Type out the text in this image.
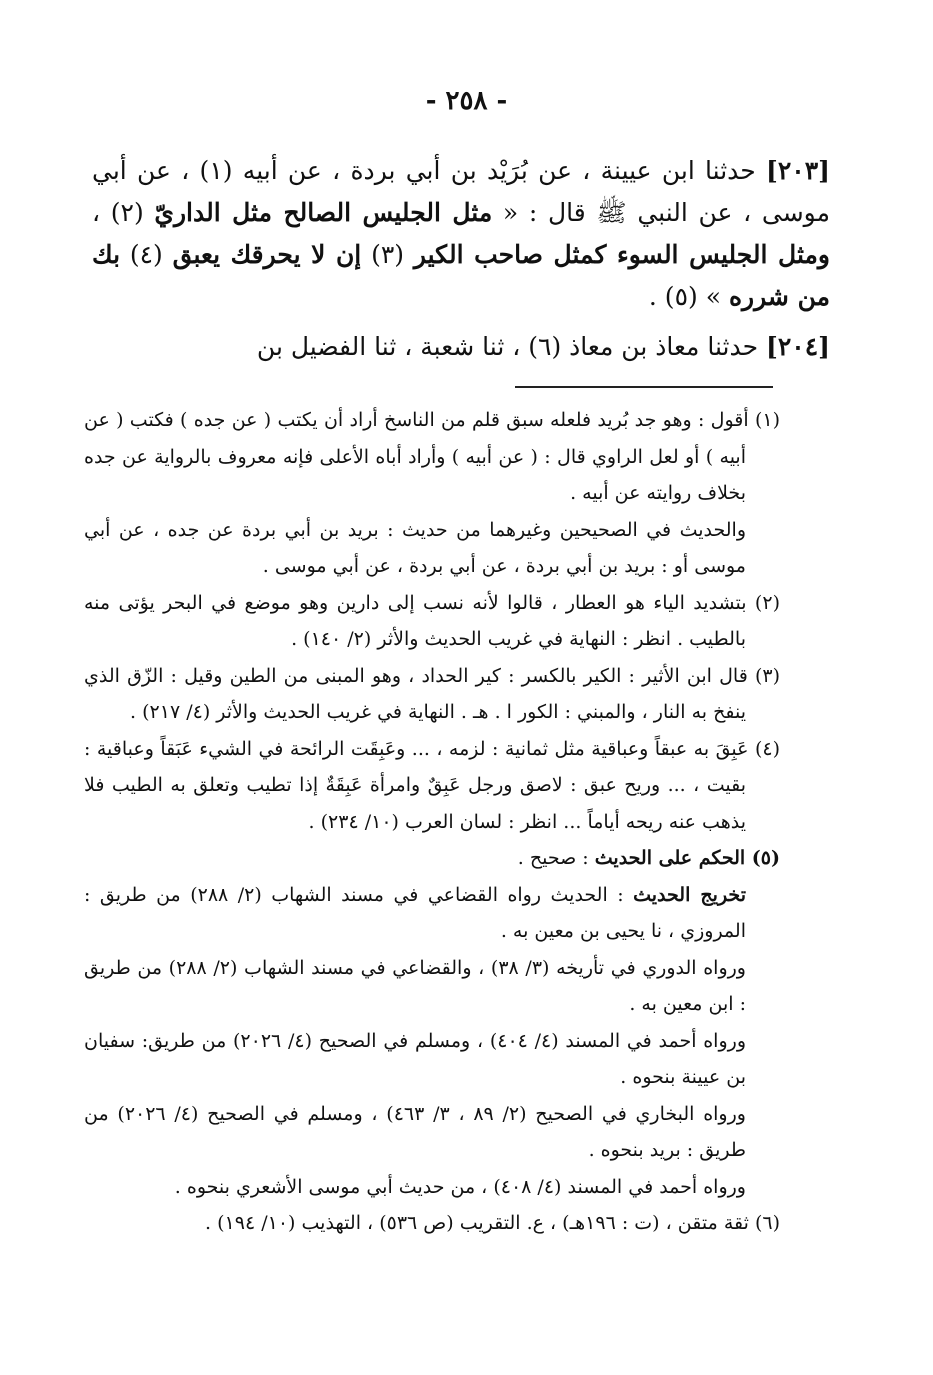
- ٢٥٨ -

[٢٠٣] حدثنا ابن عيينة ، عن بُرَيْد بن أبي بردة ، عن أبيه (١) ، عن أبي موسى ، عن النبي ﷺ قال : « مثل الجليس الصالح مثل الداريّ (٢) ، ومثل الجليس السوء كمثل صاحب الكير (٣) إن لا يحرقك يعبق (٤) بك من شرره » (٥) .

[٢٠٤] حدثنا معاذ بن معاذ (٦) ، ثنا شعبة ، ثنا الفضيل بن

(١) أقول : وهو جد بُريد فلعله سبق قلم من الناسخ أراد أن يكتب ( عن جده ) فكتب ( عن أبيه ) أو لعل الراوي قال : ( عن أبيه ) وأراد أباه الأعلى فإنه معروف بالرواية عن جده بخلاف روايته عن أبيه .

والحديث في الصحيحين وغيرهما من حديث : بريد بن أبي بردة عن جده ، عن أبي موسى أو : بريد بن أبي بردة ، عن أبي بردة ، عن أبي موسى .

(٢) بتشديد الياء هو العطار ، قالوا لأنه نسب إلى دارين وهو موضع في البحر يؤتى منه بالطيب . انظر : النهاية في غريب الحديث والأثر (٢/ ١٤٠) .

(٣) قال ابن الأثير : الكير بالكسر : كير الحداد ، وهو المبنى من الطين وقيل : الزّق الذي ينفخ به النار ، والمبني : الكور ا . هـ . النهاية في غريب الحديث والأثر (٤/ ٢١٧) .

(٤) عَبِقَ به عبقاً وعباقية مثل ثمانية : لزمه ، ... وعَبِقَت الرائحة في الشيء عَبَقاً وعباقية : بقيت ، ... وريح عبق : لاصق ورجل عَبِقٌ وامرأة عَبِقَةٌ إذا تطيب وتعلق به الطيب فلا يذهب عنه ريحه أياماً ... انظر : لسان العرب (١٠/ ٢٣٤) .

(٥) الحكم على الحديث : صحيح .

تخريج الحديث : الحديث رواه القضاعي في مسند الشهاب (٢/ ٢٨٨) من طريق : المروزي ، نا يحيى بن معين به .

ورواه الدوري في تأريخه (٣/ ٣٨) ، والقضاعي في مسند الشهاب (٢/ ٢٨٨) من طريق : ابن معين به .

ورواه أحمد في المسند (٤/ ٤٠٤) ، ومسلم في الصحيح (٤/ ٢٠٢٦) من طريق: سفيان بن عيينة بنحوه .

ورواه البخاري في الصحيح (٢/ ٨٩ ، ٣/ ٤٦٣) ، ومسلم في الصحيح (٤/ ٢٠٢٦) من طريق : بريد بنحوه .

ورواه أحمد في المسند (٤/ ٤٠٨) ، من حديث أبي موسى الأشعري بنحوه .

(٦) ثقة متقن ، (ت : ١٩٦هـ) ، ع. التقريب (ص ٥٣٦) ، التهذيب (١٠/ ١٩٤) .
